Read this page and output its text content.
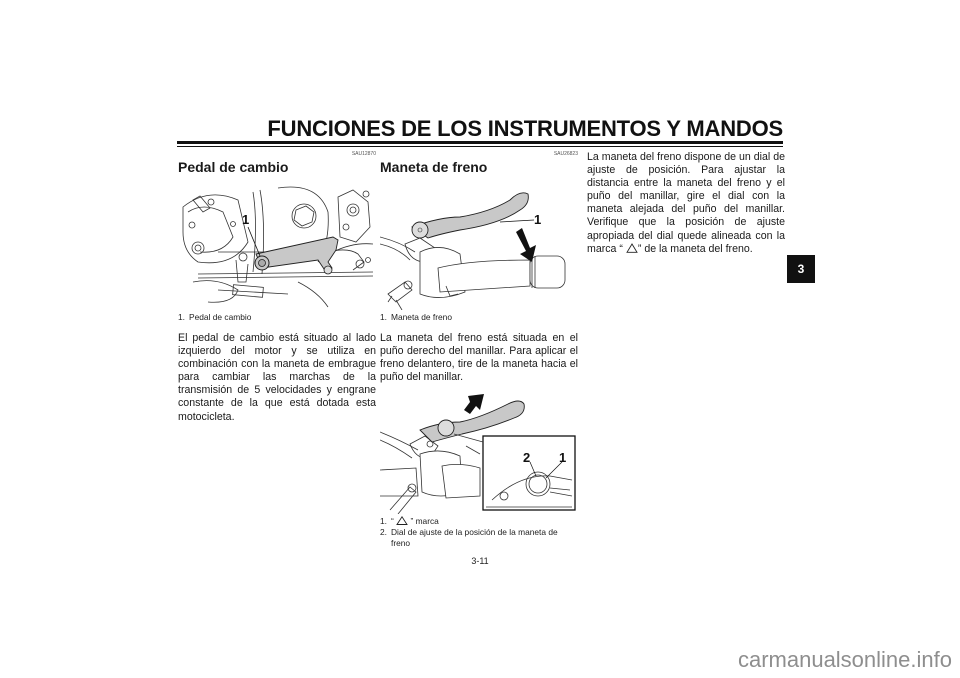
FUNCIONES DE LOS INSTRUMENTOS Y MANDOS
SAU12870
Pedal de cambio
1
1. Pedal de cambio
El pedal de cambio está situado al lado izquierdo del motor y se utiliza en combinación con la maneta de embrague para cambiar las marchas de la transmisión de 5 velocidades y engrane constante de la que está dotada esta motocicleta.
SAU26823
Maneta de freno
1
1. Maneta de freno
La maneta del freno está situada en el puño derecho del manillar. Para aplicar el freno delantero, tire de la maneta hacia el puño del manillar.
2 1
1. “ ” marca
2. Dial de ajuste de la posición de la maneta de
freno
La maneta del freno dispone de un dial de ajuste de posición. Para ajustar la distancia entre la maneta del freno y el puño del manillar, gire el dial con la maneta alejada del puño del manillar. Verifique que la posición de ajuste apropiada del dial quede alineada con la marca “ ” de la maneta del freno.
3
3-11
carmanualsonline.info
